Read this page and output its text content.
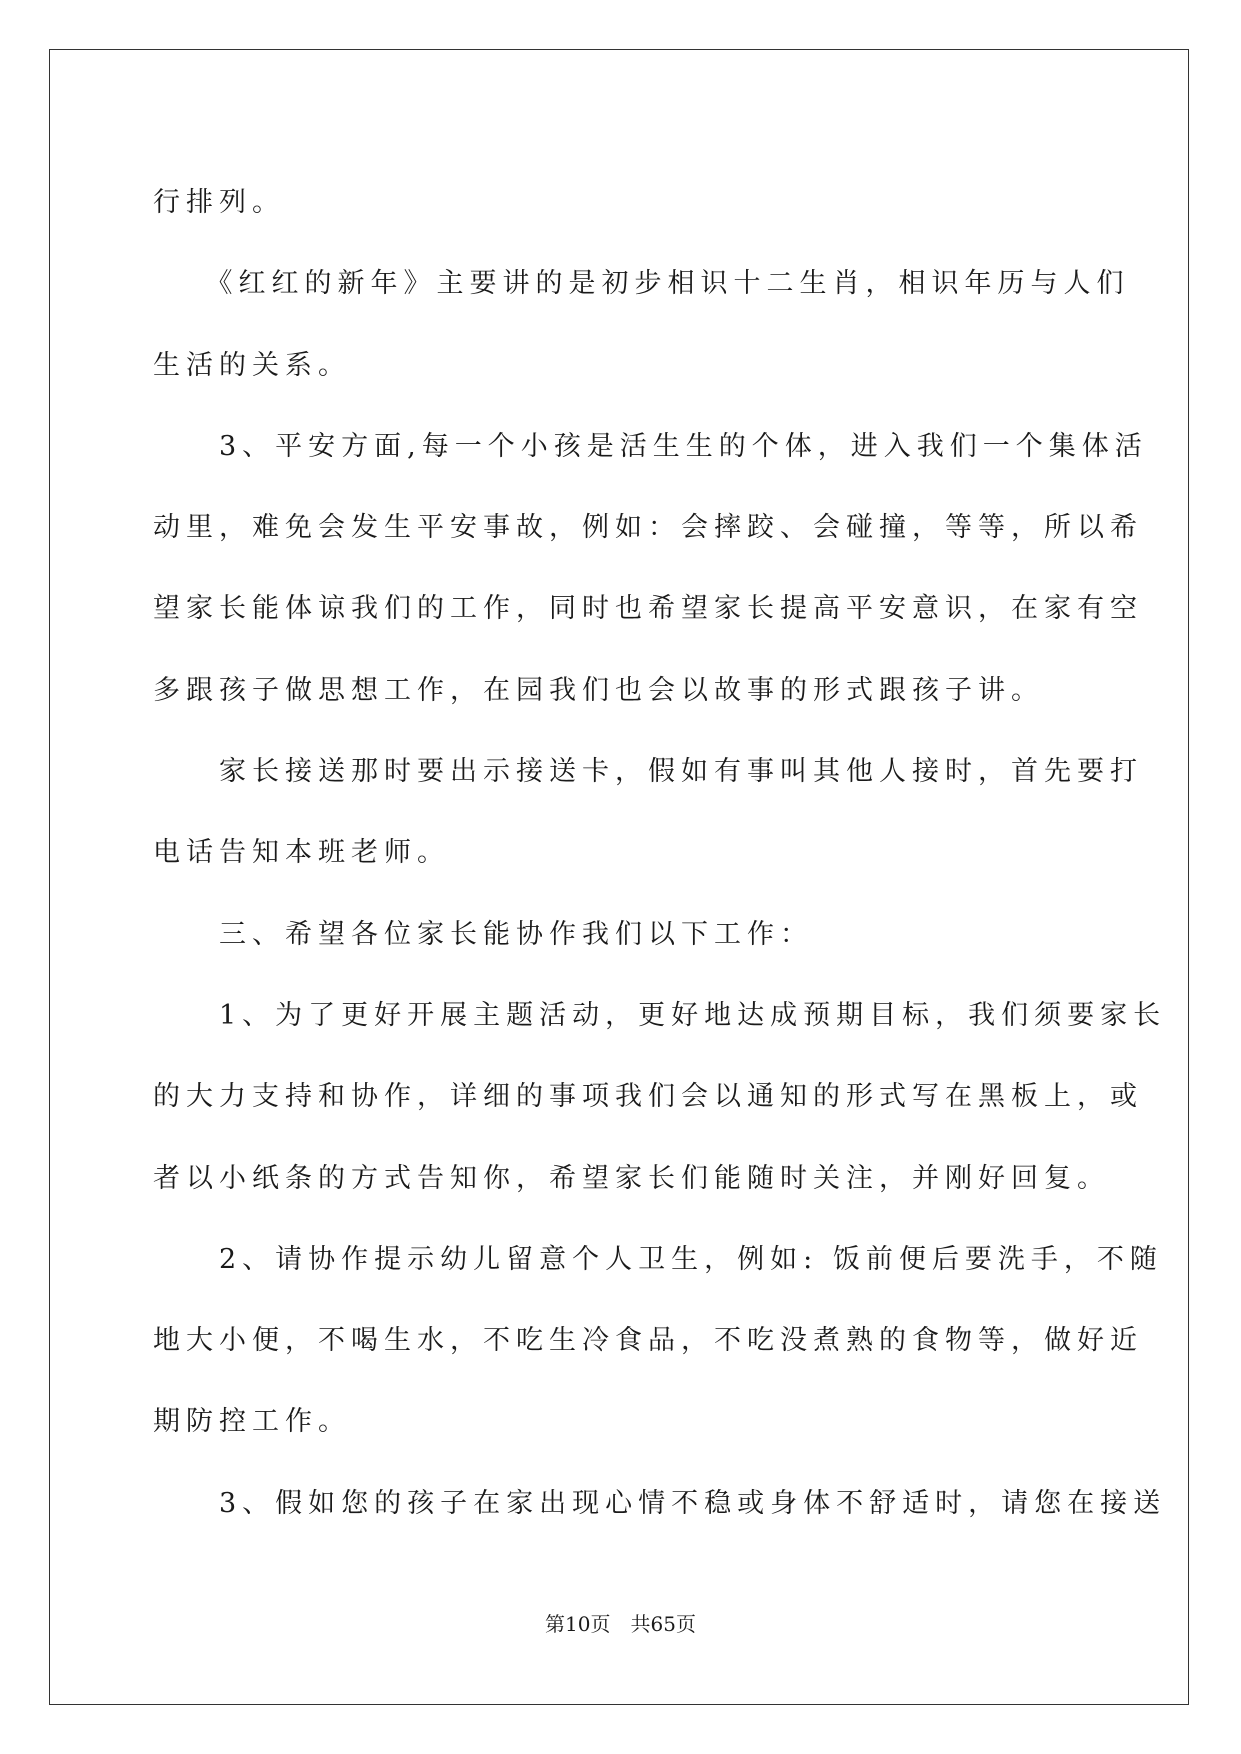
行排列。

　　《红红的新年》主要讲的是初步相识十二生肖，相识年历与人们

生活的关系。

　　3、平安方面,每一个小孩是活生生的个体，进入我们一个集体活

动里，难免会发生平安事故，例如：会摔跤、会碰撞，等等，所以希

望家长能体谅我们的工作，同时也希望家长提高平安意识，在家有空

多跟孩子做思想工作，在园我们也会以故事的形式跟孩子讲。

　　家长接送那时要出示接送卡，假如有事叫其他人接时，首先要打

电话告知本班老师。

　　三、希望各位家长能协作我们以下工作：

　　1、为了更好开展主题活动，更好地达成预期目标，我们须要家长

的大力支持和协作，详细的事项我们会以通知的形式写在黑板上，或

者以小纸条的方式告知你，希望家长们能随时关注，并刚好回复。

　　2、请协作提示幼儿留意个人卫生，例如: 饭前便后要洗手，不随

地大小便，不喝生水，不吃生冷食品，不吃没煮熟的食物等，做好近

期防控工作。

　　3、假如您的孩子在家出现心情不稳或身体不舒适时，请您在接送

第10页 共65页
